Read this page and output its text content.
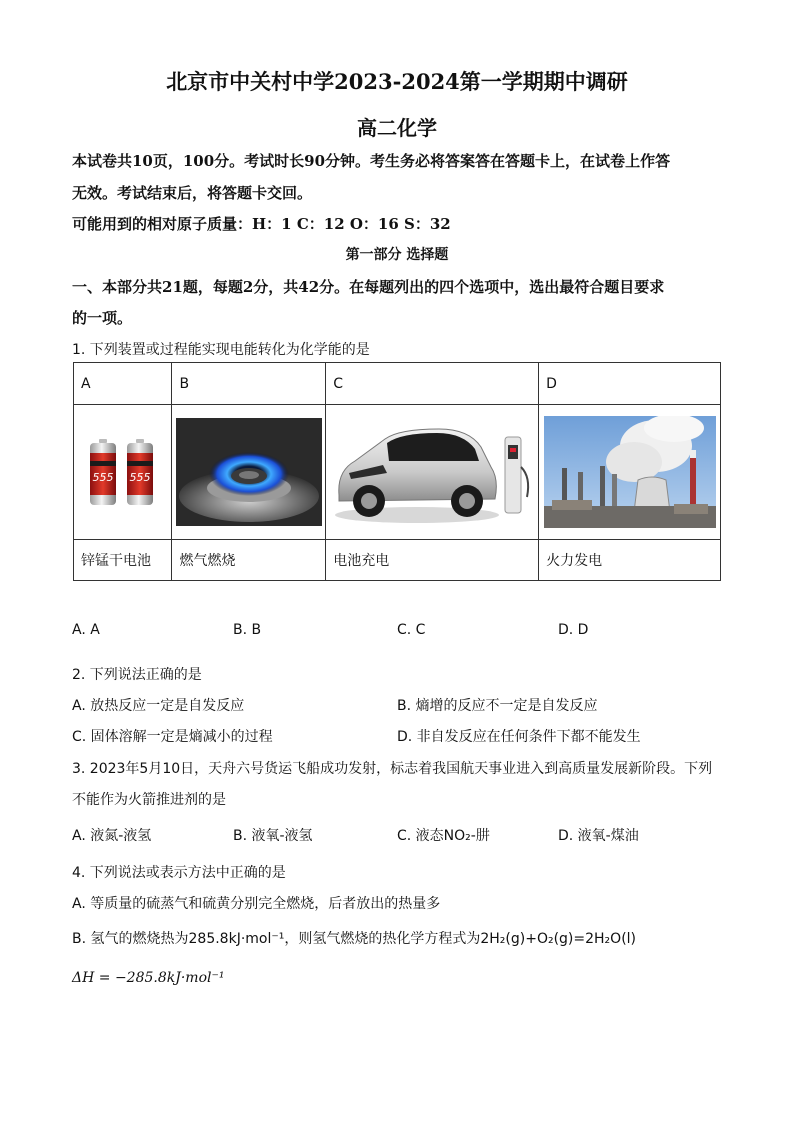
北京市中关村中学2023-2024第一学期期中调研
高二化学
本试卷共10页，100分。考试时长90分钟。考生务必将答案答在答题卡上，在试卷上作答
无效。考试结束后，将答题卡交回。
可能用到的相对原子质量：H：1 C：12 O：16 S：32
第一部分 选择题
一、本部分共21题，每题2分，共42分。在每题列出的四个选项中，选出最符合题目要求
的一项。
1. 下列装置或过程能实现电能转化为化学能的是
A	B	C	D

555 555

锌锰干电池	燃气燃烧	电池充电	火力发电
A. A	B. B	C. C	D. D
2. 下列说法正确的是
A. 放热反应一定是自发反应	B. 熵增的反应不一定是自发反应
C. 固体溶解一定是熵减小的过程	D. 非自发反应在任何条件下都不能发生
3. 2023年5月10日，天舟六号货运飞船成功发射，标志着我国航天事业进入到高质量发展新阶段。下列
不能作为火箭推进剂的是
A. 液氮-液氢	B. 液氧-液氢	C. 液态NO₂-肼	D. 液氧-煤油
4. 下列说法或表示方法中正确的是
A. 等质量的硫蒸气和硫黄分别完全燃烧，后者放出的热量多
B. 氢气的燃烧热为285.8kJ·mol⁻¹，则氢气燃烧的热化学方程式为2H₂(g)+O₂(g)=2H₂O(l)
ΔH = −285.8kJ·mol⁻¹
